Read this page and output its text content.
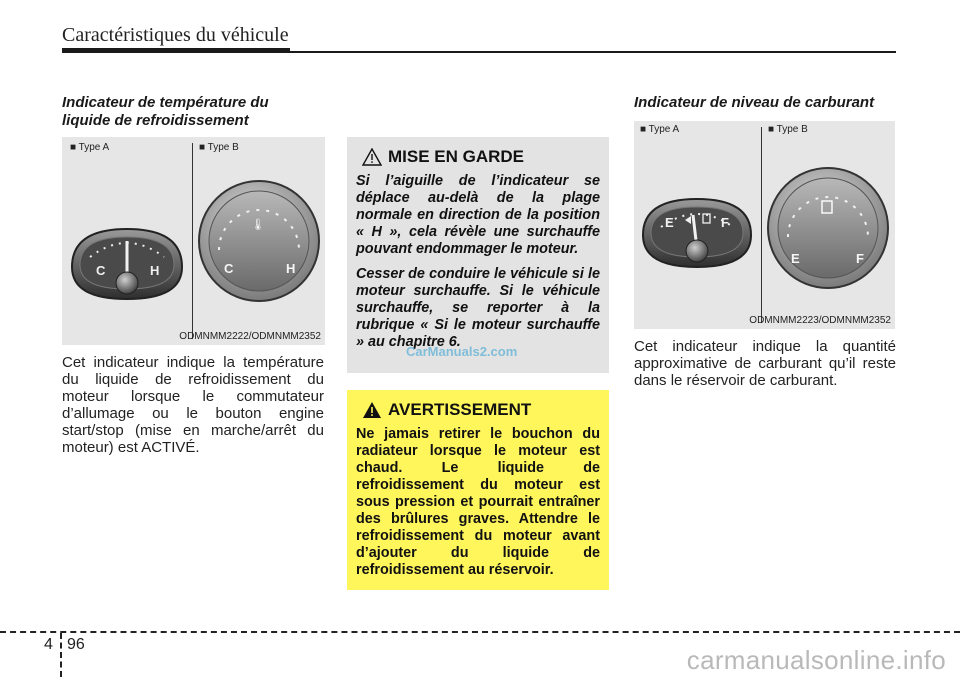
Caractéristiques du véhicule
Indicateur de température du liquide de refroidissement
■ Type A	■ Type B
C	H
🌡
C	H
ODMNMM2222/ODMNMM2352
Cet indicateur indique la température du liquide de refroidissement du moteur lorsque le commutateur d’allumage ou le bouton engine start/stop (mise en marche/arrêt du moteur) est ACTIVÉ.
MISE EN GARDE

Si l’aiguille de l’indicateur se déplace au-delà de la plage normale en direction de la position « H », cela révèle une surchauffe pouvant endommager le moteur.

Cesser de conduire le véhicule si le moteur surchauffe. Si le véhicule surchauffe, se reporter à la rubrique « Si le moteur surchauffe » au chapitre 6.

CarManuals2.com
AVERTISSEMENT

Ne jamais retirer le bouchon du radiateur lorsque le moteur est chaud. Le liquide de refroidissement du moteur est sous pression et pourrait entraîner des brûlures graves. Attendre le refroidissement du moteur avant d’ajouter du liquide de refroidissement au réservoir.

Indicateur de niveau de carburant
■ Type A	■ Type B
E	F
E	F
ODMNMM2223/ODMNMM2352
Cet indicateur indique la quantité approximative de carburant qu’il reste dans le réservoir de carburant.
4 96
carmanualsonline.info
